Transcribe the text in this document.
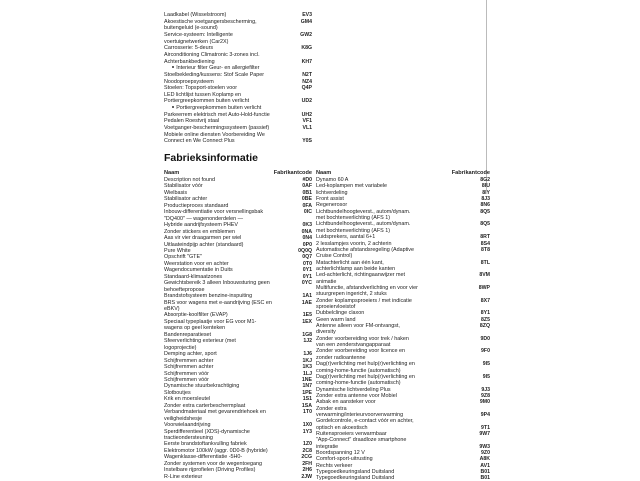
Laadkabel (Wisselstroom)	EV3
Akoestische voetgangersbescherming,	GM4
buitengeluid (e-sound)
Service-systeem: Intelligente	GW2
voertuignetwerken (Car2X)
Carrosserie: 5-deurs	K8G
Airconditioning Climatronic 3-zones incl.
Achterbankbediening	KH7
Interieur filter Geur- en allergiefilter
Stoelbekleding/kussens: Stof Scale Paper	N2T
Noodoproepsysteem	NZ4
Stoelen: Topsport-stoelen voor	Q4P
LED lichtlijst tussen Koplamp en
Portiergreepkommen buiten verlicht	UD2
Portiergreepkommen buiten verlicht
Parkeerrem elektrisch met Auto-Hold-functie	UH2
Pedalen Roestvrij staal	VF1
Voetganger-beschermingssysteem (passief)	VL1
Mobiele online diensten Voorbereiding We
Connect en We Connect Plus	Y0S
Fabrieksinformatie
Naam	Fabrikantcode Naam	Fabrikantcode
Description not found	#D0
Stabilisator vóór	0AF
Wielbasis	0B1
Stabilisator achter	0BE
Productieproces standaard	0FA
Inbouw-differentiatie voor versnellingsbak	0IC
"DQ400" — wagenonderdelen —
Hybride aandrijfsysteem PHEV	0K3
Zonder stickers en emblemen	0NA
Aas vir vier draagarmen per wiel	0N4
Uitlaateindpijp achter (standaard)	0P0
Pure White	0Q0Q
Opschrift "GTE"	0Q7
Weerstation voor en achter	0T0
Wagendocumentatie in Duits	0Y1
Standaard-klimaatzones	0Y1
Gewichtsbereik 3 alleen Inbouwsturing geen	0YC
behoeftepropose
Brandstofsysteem benzine-inspuiting	1A1
BRS voor wagens met e-aandrijving (ESC en	1AE
eBKV)
Absorptie-koolfilter (EVAP)	1E5
Speciaal typeplaatje voor EG voor M1-	1EX
wagens op geel kenteken
Bandenreparatieset	1G8
Sfeerverlichting exterieur (met	1J2
logoprojectie)
Demping achter, sport	1J6
Schijfremmen achter	1KJ
Schijfremmen achter	1K3
Schijfremmen vóór	1LJ
Schijfremmen vóór	1NE
Dynamische stuurbekrachtiging	1N7
Slotboutjes	1PE
Krik en moersleutel	1S1
Zonder extra carterbeschermplaat	1SA
Verbandmateriaal met gevarendriehoek en	1T0
veiligheidshesje
Voorwielaandrijving	1X0
Sperdifferentieel (XDS)-dynamische	1Y3
tractieondersteuning
Eerste brandstoftankvulling fabriek	1Z0
Elektromotor 100kW (aggr. 0D0-B (hybride)	2C8
Wagenklasse-differentiatie -5H0-	2CG
Zonder systemen voor de wegentoegang	2FH
Instelbare rijprofielen (Driving Profiles)	2H6
R-Line exterieur	2JW
Dynamo 60 A	8G2
Led-koplampen met variabele	8IU
lichtverdeling	8IY
Front assist	8J3
Regenerosor	8N6
Lichtbundelhoogteverst., autom/dynam.	8Q5
met bochtenverlichting (AFS 1)
Lichtbundelhoogteverst., autom/dynam.	8Q5
met bochtenverlichting (AFS 1)
Luidsprekers, aantal 6+1	8RT
2 lesslampjes voorin, 2 achterin	8S4
Automatische afstandsregeling (Adaptive	8T8
Cruise Control)
Matachterlicht aan één kant,	8TL
achterlichtlamp aan beide kanten
Led-achterlicht, richtingaanwijzer met	8VM
animatie
Multifunctie, afstandverlichting en voor vier	8WP
stuurgrepen ingericht, 2 stuks
Zonder koplampsproeiers / met indicatie	8X7
sproeiervloeistof
Dubbelclinge claxon	8Y1
Geen warm land	8Z5
Antenne alleen voor FM-ontvangst,	8ZQ
diversity
Zonder voorbereiding voor trek / haken	9D0
van een zenderstvangapparaat
Zonder voorbereiding voor licence en	9F0
zonder radioantenne
Dag(r)verlichting met hulp(r)verlichting en	9I5
coming-home-functie (automatisch)
Dag(r)verlichting met hulp(r)verlichting en	9I5
coming-home-functie (automatisch)
Dynamische lichtverdeling Plus	9J3
Zonder extra antenne voor Mobiel	9Z8
Asbak en aansteker voor	9M0
Zonder extra
verwarming/interieurvoorverwarming	9P4
Gordelcontrole, e-contact vóór en achter,
optisch en akoestisch	9T1
Ruitensproeiers verwarmbaar	9W7
"App-Connect" draadloze smartphone
integratie	9W3
Boordspanning 12 V	9Z0
Comfort-sport-uitrusting	A8K
Rechts verkeer	AV1
Typegoedkeuringsland Duitsland	B01
Typegoedkeuringsland Duitsland	B01
